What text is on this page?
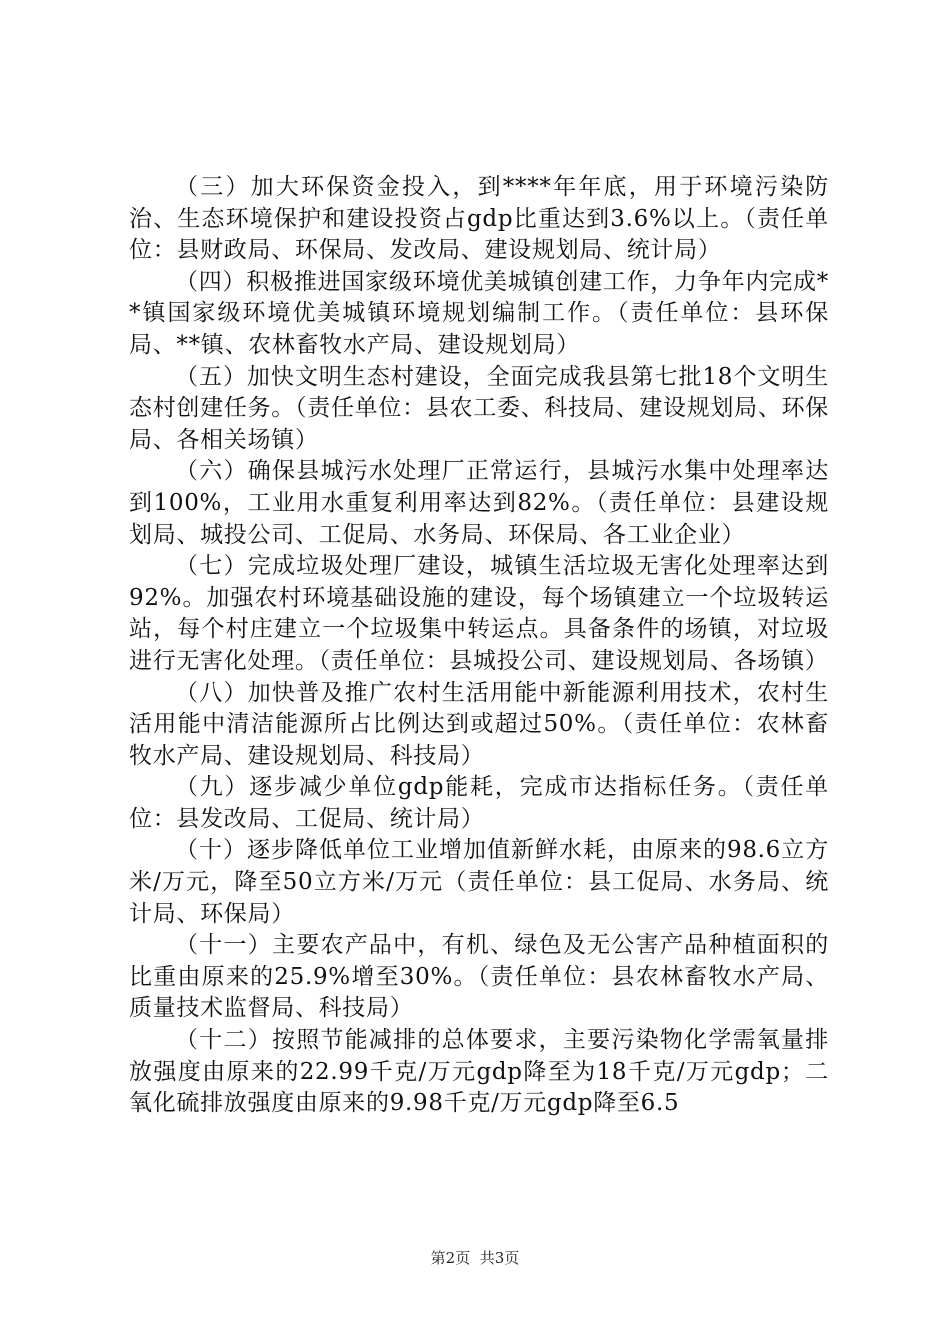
（三）加大环保资金投入，到****年年底，用于环境污染防治、生态环境保护和建设投资占gdp比重达到3.6%以上。（责任单位：县财政局、环保局、发改局、建设规划局、统计局）

（四）积极推进国家级环境优美城镇创建工作，力争年内完成**镇国家级环境优美城镇环境规划编制工作。（责任单位：县环保局、**镇、农林畜牧水产局、建设规划局）

（五）加快文明生态村建设，全面完成我县第七批18个文明生态村创建任务。（责任单位：县农工委、科技局、建设规划局、环保局、各相关场镇）

（六）确保县城污水处理厂正常运行，县城污水集中处理率达到100%，工业用水重复利用率达到82%。（责任单位：县建设规划局、城投公司、工促局、水务局、环保局、各工业企业）

（七）完成垃圾处理厂建设，城镇生活垃圾无害化处理率达到92%。加强农村环境基础设施的建设，每个场镇建立一个垃圾转运站，每个村庄建立一个垃圾集中转运点。具备条件的场镇，对垃圾进行无害化处理。（责任单位：县城投公司、建设规划局、各场镇）

（八）加快普及推广农村生活用能中新能源利用技术，农村生活用能中清洁能源所占比例达到或超过50%。（责任单位：农林畜牧水产局、建设规划局、科技局）

（九）逐步减少单位gdp能耗，完成市达指标任务。（责任单位：县发改局、工促局、统计局）

（十）逐步降低单位工业增加值新鲜水耗，由原来的98.6立方米/万元，降至50立方米/万元（责任单位：县工促局、水务局、统计局、环保局）

（十一）主要农产品中，有机、绿色及无公害产品种植面积的比重由原来的25.9%增至30%。（责任单位：县农林畜牧水产局、质量技术监督局、科技局）

（十二）按照节能减排的总体要求，主要污染物化学需氧量排放强度由原来的22.99千克/万元gdp降至为18千克/万元gdp；二氧化硫排放强度由原来的9.98千克/万元gdp降至6.5

第2页 共3页
